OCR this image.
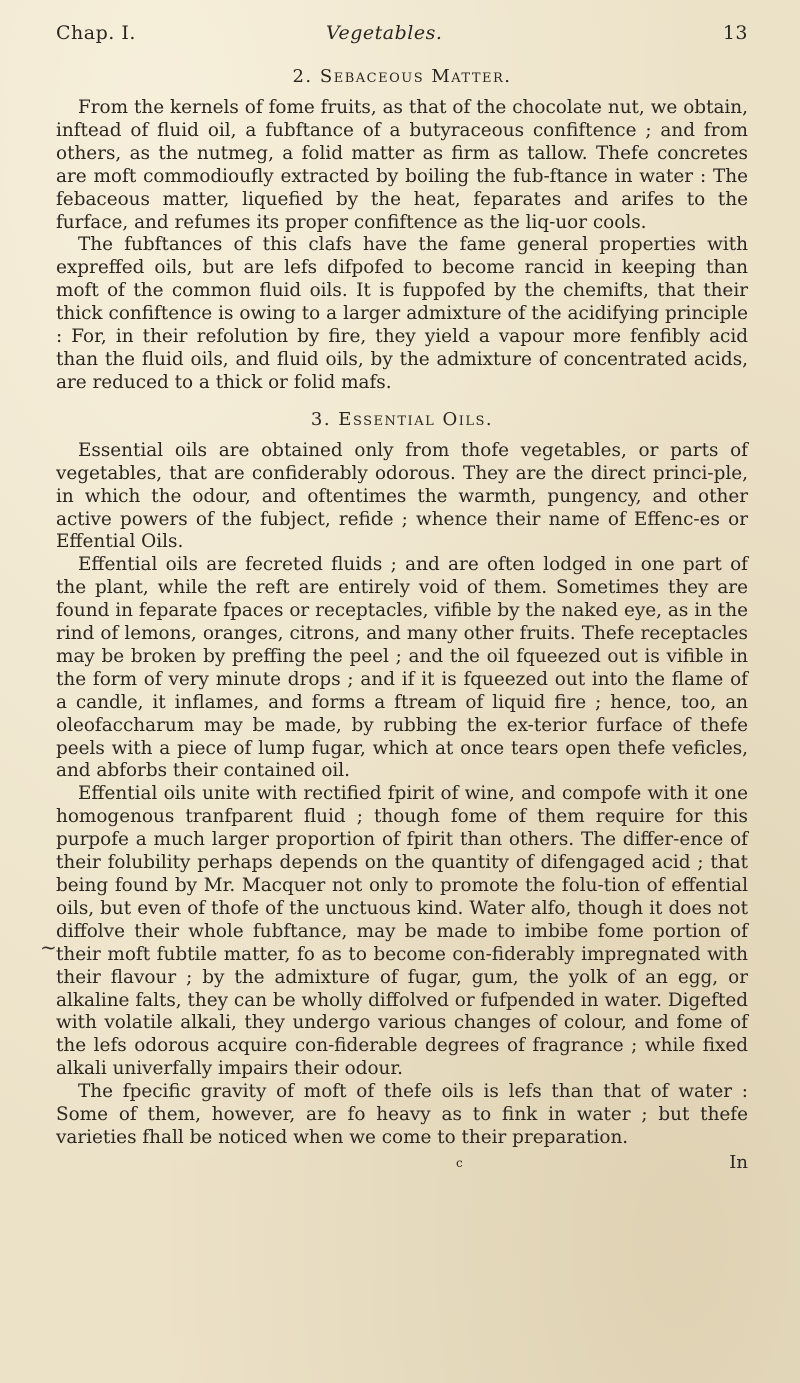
Chap. I.	Vegetables.	13
2. Sebaceous Matter.

From the kernels of fome fruits, as that of the chocolate nut, we obtain, inftead of fluid oil, a fubftance of a butyraceous confiftence ; and from others, as the nutmeg, a folid matter as firm as tallow. Thefe concretes are moft commodioufly extracted by boiling the fub-ftance in water : The febaceous matter, liquefied by the heat, feparates and arifes to the furface, and refumes its proper confiftence as the liq-uor cools.

The fubftances of this clafs have the fame general properties with expreffed oils, but are lefs difpofed to become rancid in keeping than moft of the common fluid oils. It is fuppofed by the chemifts, that their thick confiftence is owing to a larger admixture of the acidifying principle : For, in their refolution by fire, they yield a vapour more fenfibly acid than the fluid oils, and fluid oils, by the admixture of concentrated acids, are reduced to a thick or folid mafs.

3. Essential Oils.

Essential oils are obtained only from thofe vegetables, or parts of vegetables, that are confiderably odorous. They are the direct princi-ple, in which the odour, and oftentimes the warmth, pungency, and other active powers of the fubject, refide ; whence their name of Effenc-es or Effential Oils.

Effential oils are fecreted fluids ; and are often lodged in one part of the plant, while the reft are entirely void of them. Sometimes they are found in feparate fpaces or receptacles, vifible by the naked eye, as in the rind of lemons, oranges, citrons, and many other fruits. Thefe receptacles may be broken by preffing the peel ; and the oil fqueezed out is vifible in the form of very minute drops ; and if it is fqueezed out into the flame of a candle, it inflames, and forms a ftream of liquid fire ; hence, too, an oleofaccharum may be made, by rubbing the ex-terior furface of thefe peels with a piece of lump fugar, which at once tears open thefe veficles, and abforbs their contained oil.

Effential oils unite with rectified fpirit of wine, and compofe with it one homogenous tranfparent fluid ; though fome of them require for this purpofe a much larger proportion of fpirit than others. The differ-ence of their folubility perhaps depends on the quantity of difengaged acid ; that being found by Mr. Macquer not only to promote the folu-tion of effential oils, but even of thofe of the unctuous kind. Water alfo, though it does not diffolve their whole fubftance, may be made to imbibe fome portion of their moft fubtile matter, fo as to become con-fiderably impregnated with their flavour ; by the admixture of fugar, gum, the yolk of an egg, or alkaline falts, they can be wholly diffolved or fufpended in water. Digefted with volatile alkali, they undergo various changes of colour, and fome of the lefs odorous acquire con-fiderable degrees of fragrance ; while fixed alkali univerfally impairs their odour.

The fpecific gravity of moft of thefe oils is lefs than that of water : Some of them, however, are fo heavy as to fink in water ; but thefe varieties fhall be noticed when we come to their preparation.

c	In
~
